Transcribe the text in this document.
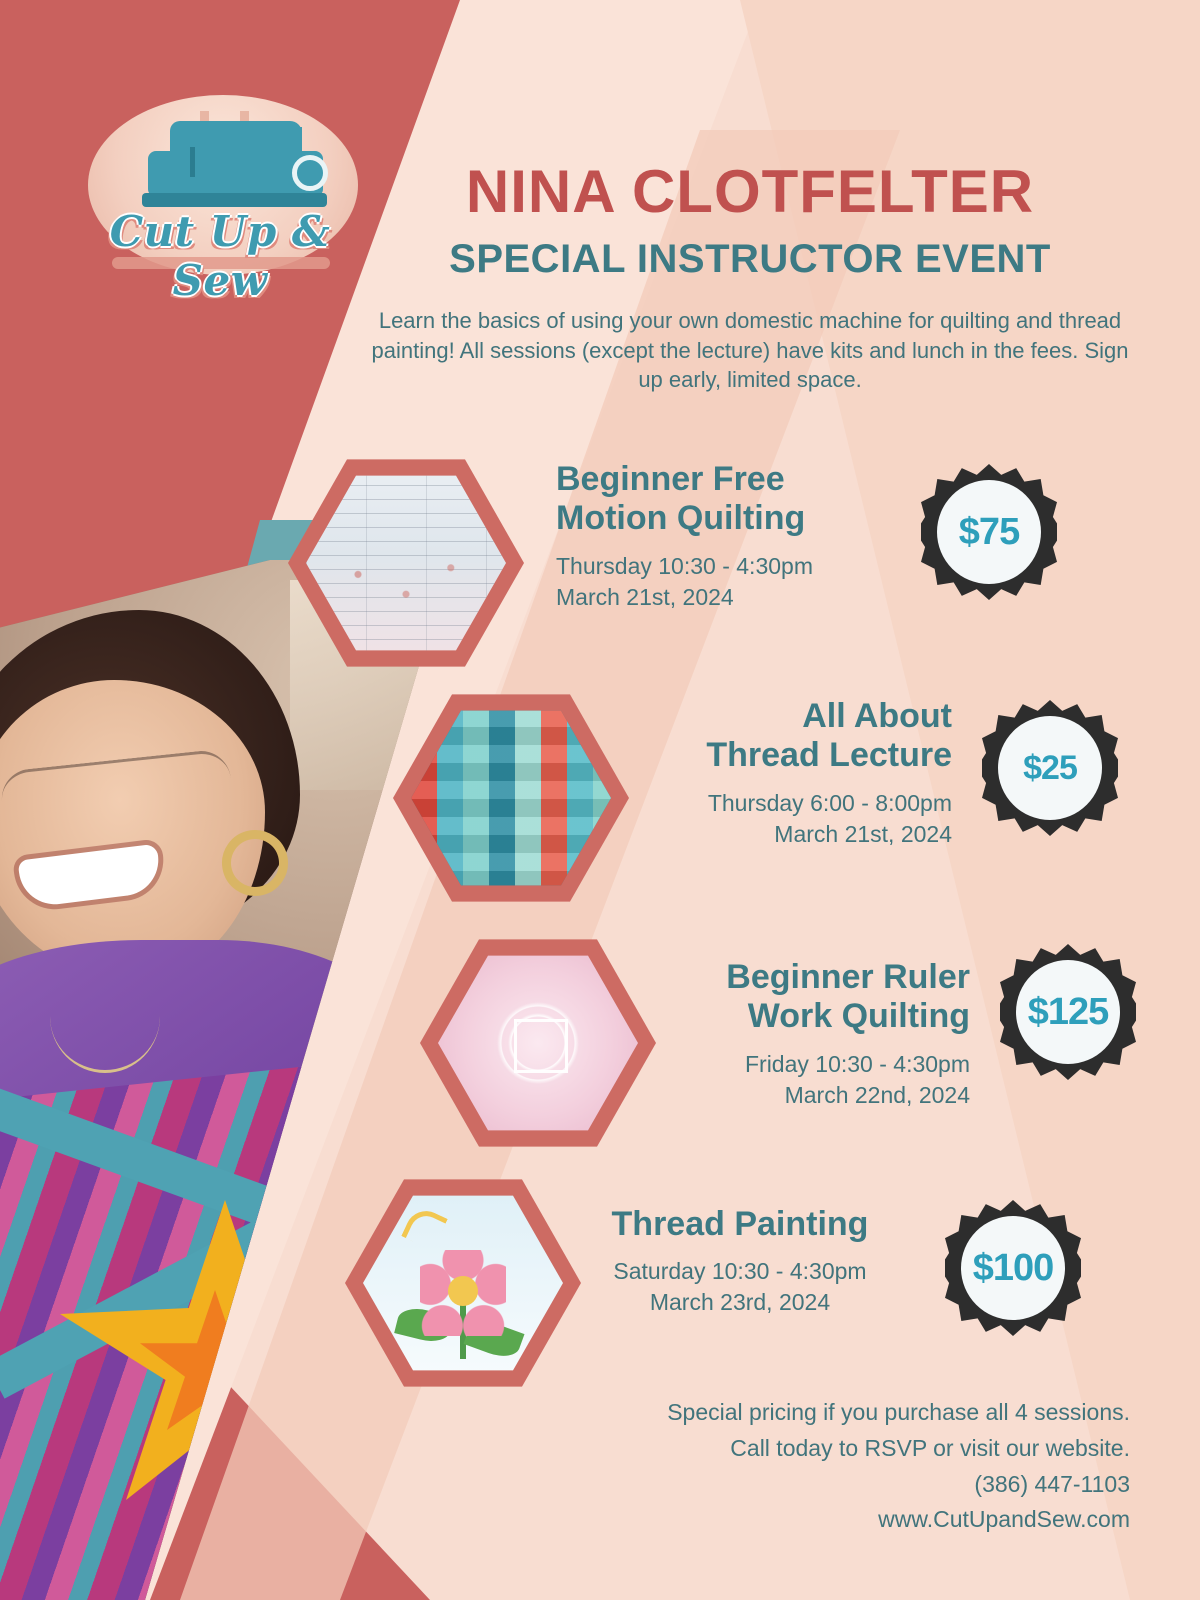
Cut Up & Sew
NINA CLOTFELTER
SPECIAL INSTRUCTOR EVENT
Learn the basics of using your own domestic machine for quilting and thread painting! All sessions (except the lecture) have kits and lunch in the fees. Sign up early, limited space.
Beginner Free
Motion Quilting
Thursday 10:30 - 4:30pm
March 21st, 2024
$75
All About
Thread Lecture
Thursday 6:00 - 8:00pm
March 21st, 2024
$25
Beginner Ruler
Work Quilting
Friday 10:30 - 4:30pm
March 22nd, 2024
$125
Thread Painting
Saturday 10:30 - 4:30pm
March 23rd, 2024
$100
Special pricing if you purchase all 4 sessions.
Call today to RSVP or visit our website.
(386) 447-1103
www.CutUpandSew.com
